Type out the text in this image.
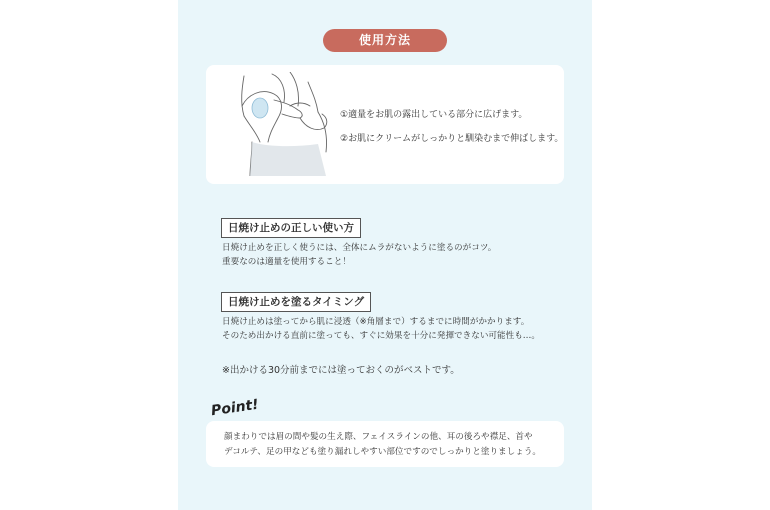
使用方法
①適量をお肌の露出している部分に広げます。
②お肌にクリームがしっかりと馴染むまで伸ばします。
日焼け止めの正しい使い方
日焼け止めを正しく使うには、全体にムラがないように塗るのがコツ。
重要なのは適量を使用すること！
日焼け止めを塗るタイミング
日焼け止めは塗ってから肌に浸透（※角層まで）するまでに時間がかかります。
そのため出かける直前に塗っても、すぐに効果を十分に発揮できない可能性も…。
※出かける30分前までには塗っておくのがベストです。
Point!
顔まわりでは眉の間や髪の生え際、フェイスラインの他、耳の後ろや襟足、首や
デコルテ、足の甲なども塗り漏れしやすい部位ですのでしっかりと塗りましょう。
